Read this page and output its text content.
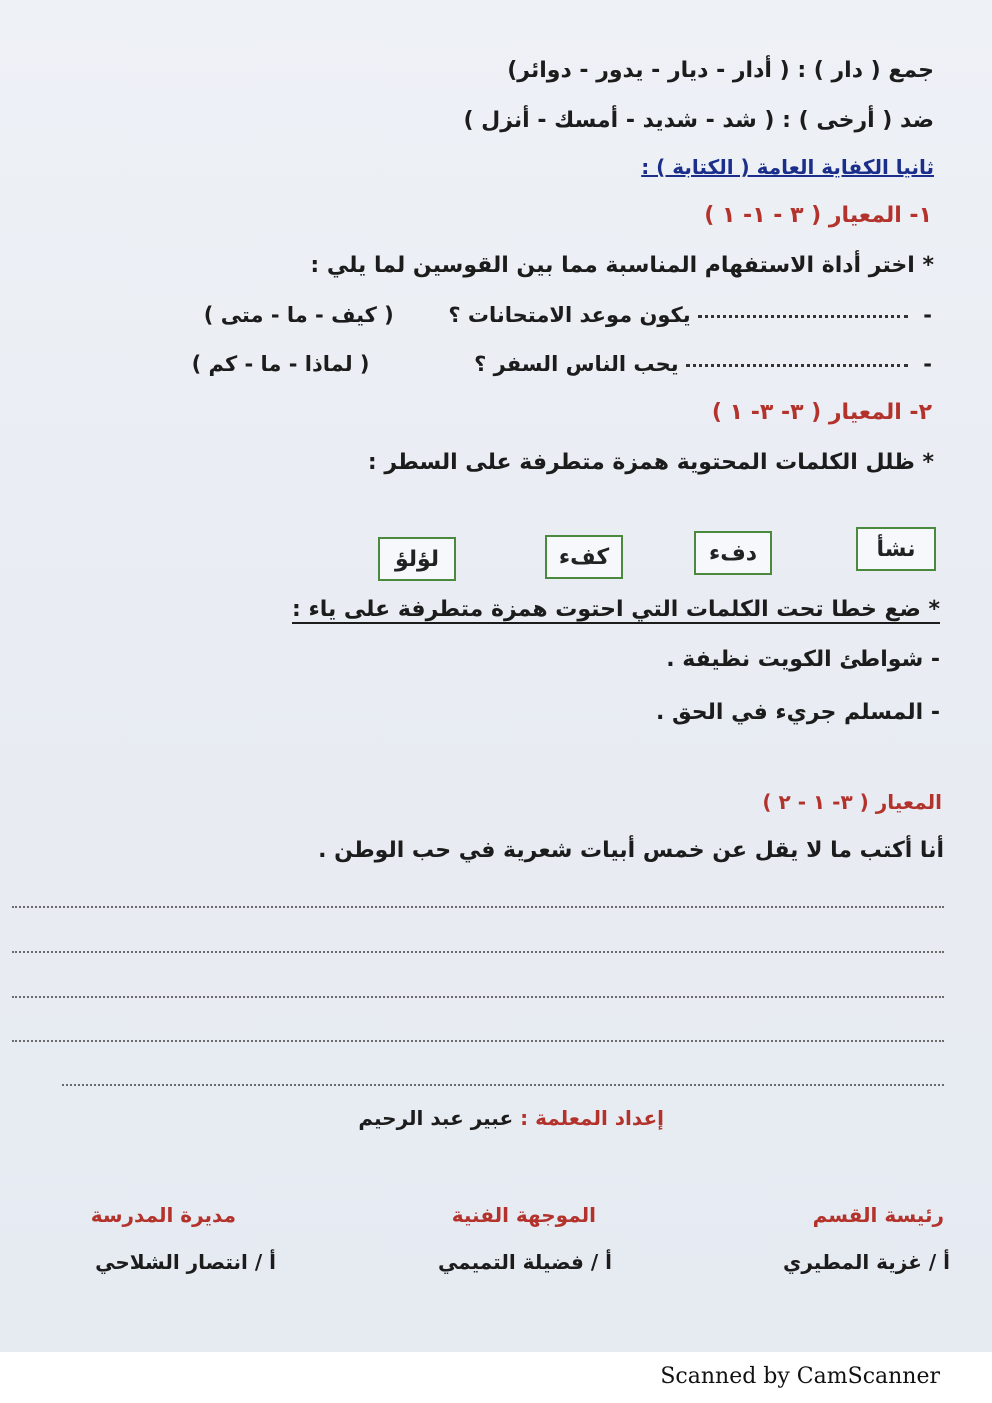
جمع ( دار ) : ( أدار - ديار - يدور - دوائر)
ضد ( أرخى ) : ( شد - شديد - أمسك - أنزل )
ثانيا الكفاية العامة ( الكتابة ) :
١- المعيار ( ٣ - ١- ١ )
* اختر أداة الاستفهام المناسبة مما بين القوسين لما يلي :
-  يكون موعد الامتحانات ؟  ( كيف - ما - متى )
-  يحب الناس السفر ؟  ( لماذا - ما - كم )
٢- المعيار ( ٣- ٣- ١ )
* ظلل الكلمات المحتوية همزة متطرفة على السطر :
نشأ
دفء
كفء
لؤلؤ
* ضع خطا تحت الكلمات التي احتوت همزة متطرفة على ياء :
- شواطئ الكويت نظيفة .
- المسلم جريء في الحق .
المعيار ( ٣- ١ - ٢ )
أنا أكتب ما لا يقل عن خمس أبيات شعرية في حب الوطن .
إعداد المعلمة : عبير عبد الرحيم
رئيسة القسم
أ / غزية المطيري
الموجهة الفنية
أ / فضيلة التميمي
مديرة المدرسة
أ / انتصار الشلاحي
Scanned by CamScanner
